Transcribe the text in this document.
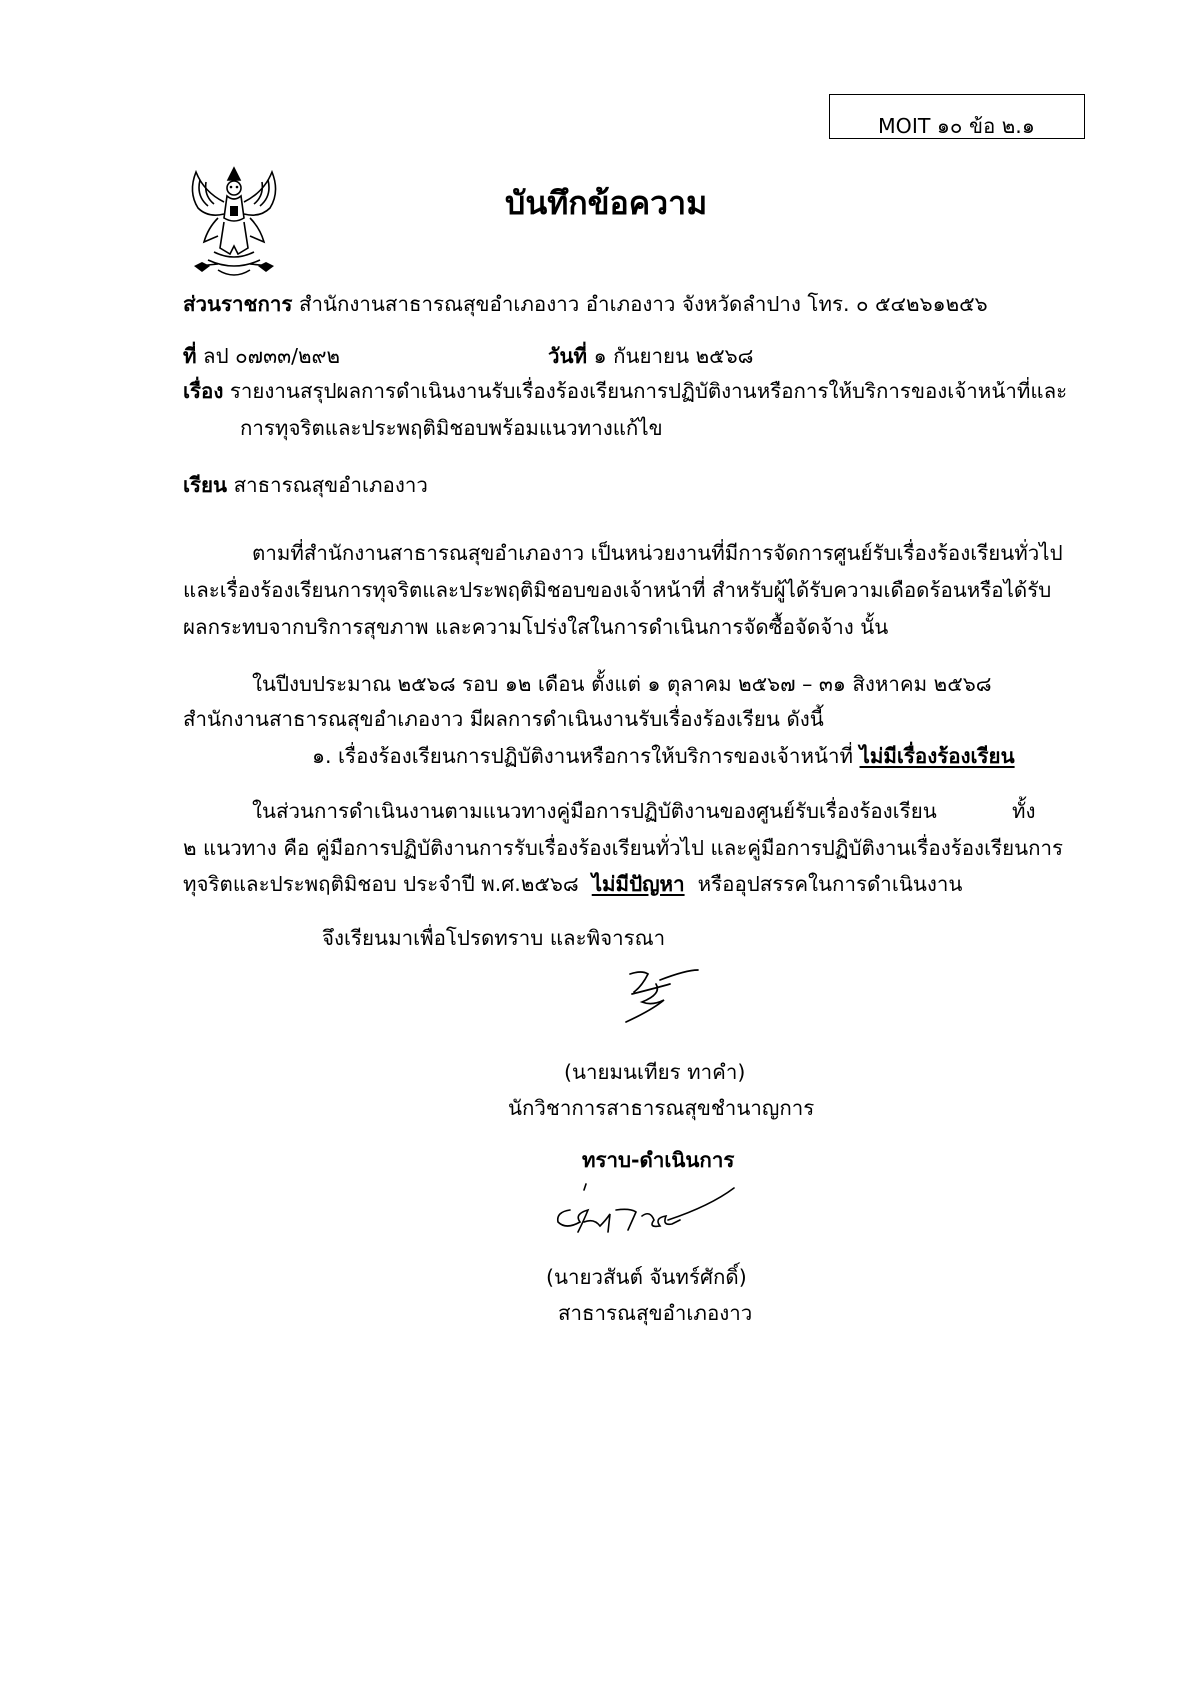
MOIT ๑๐ ข้อ ๒.๑
บันทึกข้อความ
ส่วนราชการ สำนักงานสาธารณสุขอำเภองาว อำเภองาว จังหวัดลำปาง โทร. ๐ ๕๔๒๖๑๒๕๖
ที่ ลป ๐๗๓๓/๒๙๒	วันที่ ๑ กันยายน ๒๕๖๘
เรื่อง รายงานสรุปผลการดำเนินงานรับเรื่องร้องเรียนการปฏิบัติงานหรือการให้บริการของเจ้าหน้าที่และ
การทุจริตและประพฤติมิชอบพร้อมแนวทางแก้ไข
เรียน สาธารณสุขอำเภองาว
ตามที่สำนักงานสาธารณสุขอำเภองาว เป็นหน่วยงานที่มีการจัดการศูนย์รับเรื่องร้องเรียนทั่วไป
และเรื่องร้องเรียนการทุจริตและประพฤติมิชอบของเจ้าหน้าที่ สำหรับผู้ได้รับความเดือดร้อนหรือได้รับ
ผลกระทบจากบริการสุขภาพ และความโปร่งใสในการดำเนินการจัดซื้อจัดจ้าง นั้น
ในปีงบประมาณ ๒๕๖๘ รอบ ๑๒ เดือน ตั้งแต่ ๑ ตุลาคม ๒๕๖๗ – ๓๑ สิงหาคม ๒๕๖๘
สำนักงานสาธารณสุขอำเภองาว มีผลการดำเนินงานรับเรื่องร้องเรียน ดังนี้
๑. เรื่องร้องเรียนการปฏิบัติงานหรือการให้บริการของเจ้าหน้าที่ ไม่มีเรื่องร้องเรียน
ในส่วนการดำเนินงานตามแนวทางคู่มือการปฏิบัติงานของศูนย์รับเรื่องร้องเรียน	ทั้ง
๒ แนวทาง คือ คู่มือการปฏิบัติงานการรับเรื่องร้องเรียนทั่วไป และคู่มือการปฏิบัติงานเรื่องร้องเรียนการ
ทุจริตและประพฤติมิชอบ ประจำปี พ.ศ.๒๕๖๘ ไม่มีปัญหา หรืออุปสรรคในการดำเนินงาน
จึงเรียนมาเพื่อโปรดทราบ และพิจารณา
(นายมนเทียร ทาคำ)
นักวิชาการสาธารณสุขชำนาญการ
ทราบ-ดำเนินการ
(นายวสันต์ จันทร์ศักดิ์)
สาธารณสุขอำเภองาว
